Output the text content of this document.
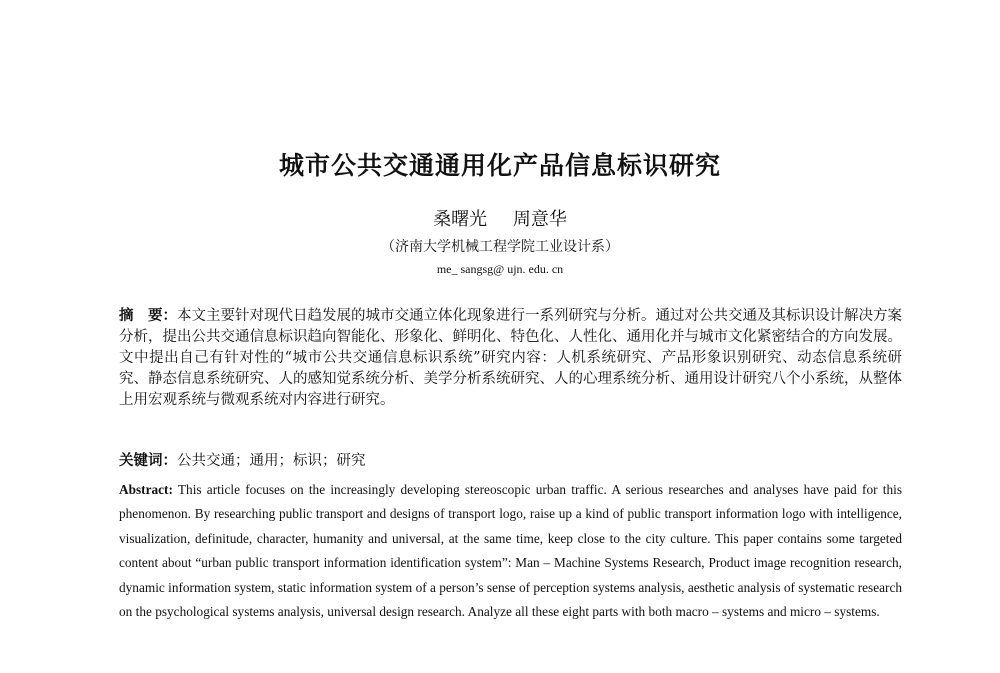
城市公共交通通用化产品信息标识研究
桑曙光 周意华
（济南大学机械工程学院工业设计系）
me_ sangsg@ ujn. edu. cn
摘　要：本文主要针对现代日趋发展的城市交通立体化现象进行一系列研究与分析。通过对公共交通及其标识设计解决方案分析，提出公共交通信息标识趋向智能化、形象化、鲜明化、特色化、人性化、通用化并与城市文化紧密结合的方向发展。文中提出自己有针对性的“城市公共交通信息标识系统”研究内容：人机系统研究、产品形象识别研究、动态信息系统研究、静态信息系统研究、人的感知觉系统分析、美学分析系统研究、人的心理系统分析、通用设计研究八个小系统，从整体上用宏观系统与微观系统对内容进行研究。
关键词：公共交通；通用；标识；研究
Abstract: This article focuses on the increasingly developing stereoscopic urban traffic. A serious researches and analyses have paid for this phenomenon. By researching public transport and designs of transport logo, raise up a kind of public transport information logo with intelligence, visualization, definitude, character, humanity and universal, at the same time, keep close to the city culture. This paper contains some targeted content about “urban public transport information identification system”: Man – Machine Systems Research, Product image recognition research, dynamic information system, static information system of a person’s sense of perception systems analysis, aesthetic analysis of systematic research on the psychological systems analysis, universal design research. Analyze all these eight parts with both macro – systems and micro – systems.
